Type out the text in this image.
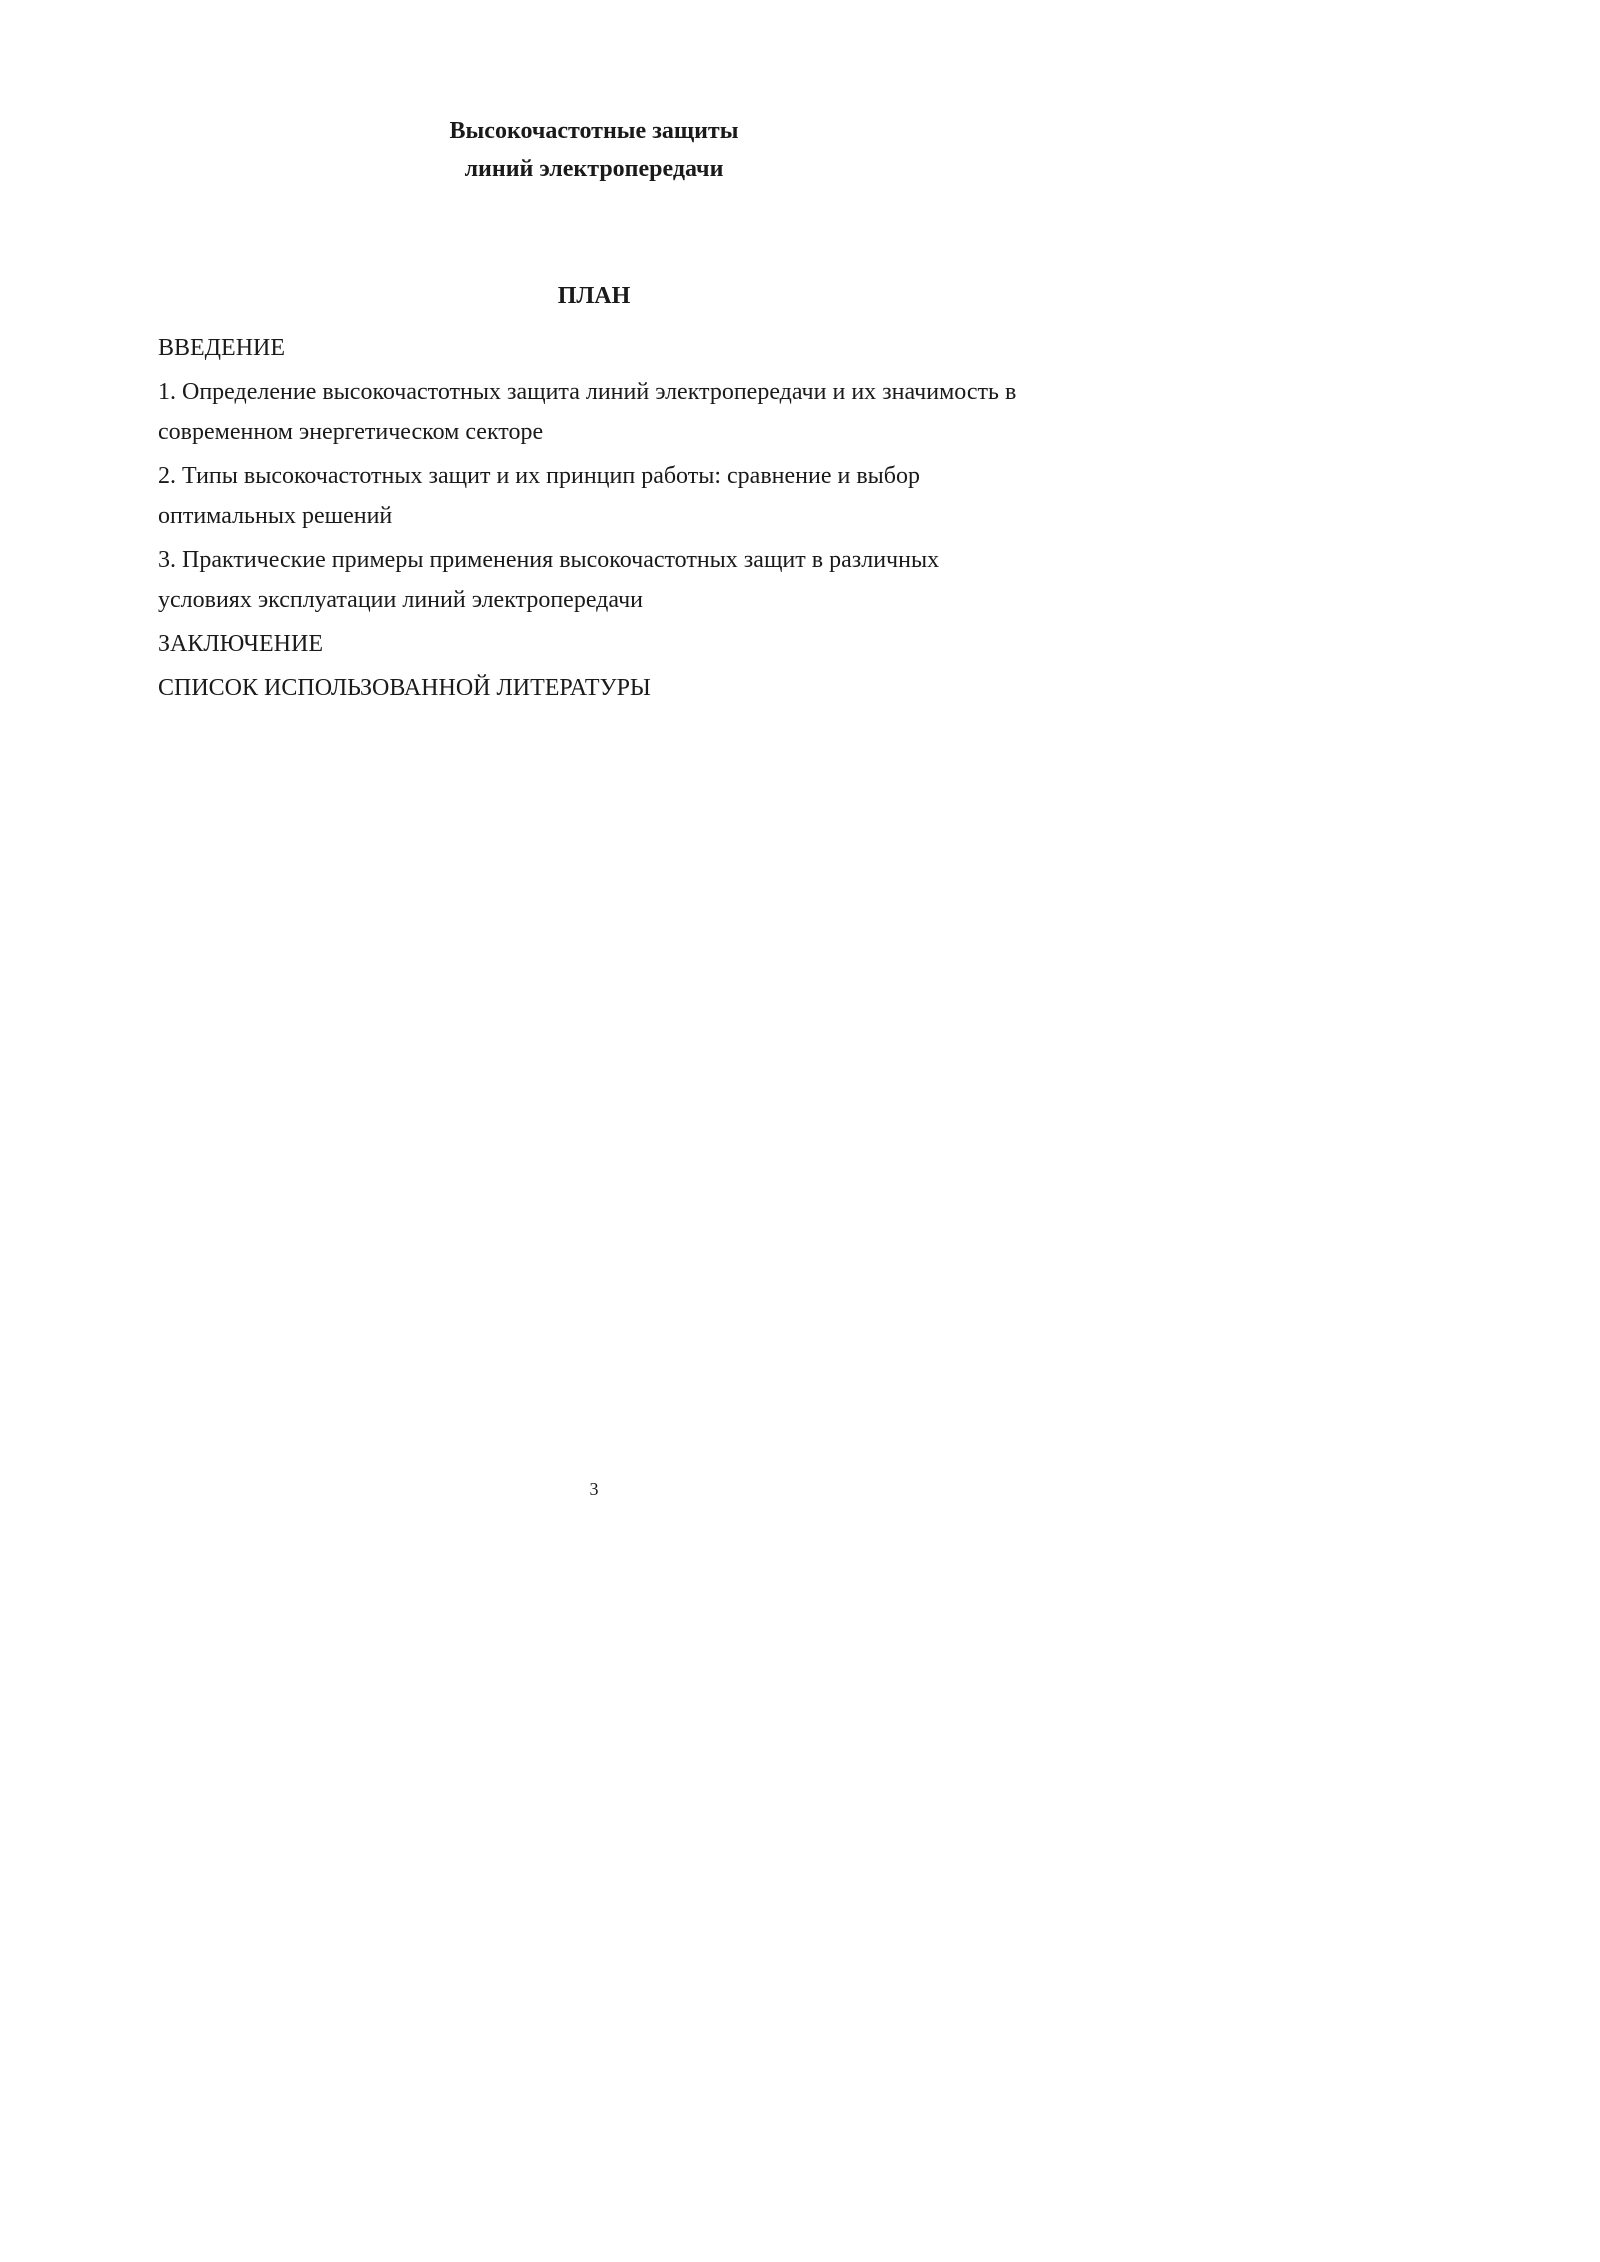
Высокочастотные защиты
линий электропередачи
ПЛАН
ВВЕДЕНИЕ
1. Определение высокочастотных защита линий электропередачи и их значимость в современном энергетическом секторе
2. Типы высокочастотных защит и их принцип работы: сравнение и выбор оптимальных решений
3. Практические примеры применения высокочастотных защит в различных условиях эксплуатации линий электропередачи
ЗАКЛЮЧЕНИЕ
СПИСОК ИСПОЛЬЗОВАННОЙ ЛИТЕРАТУРЫ
3
